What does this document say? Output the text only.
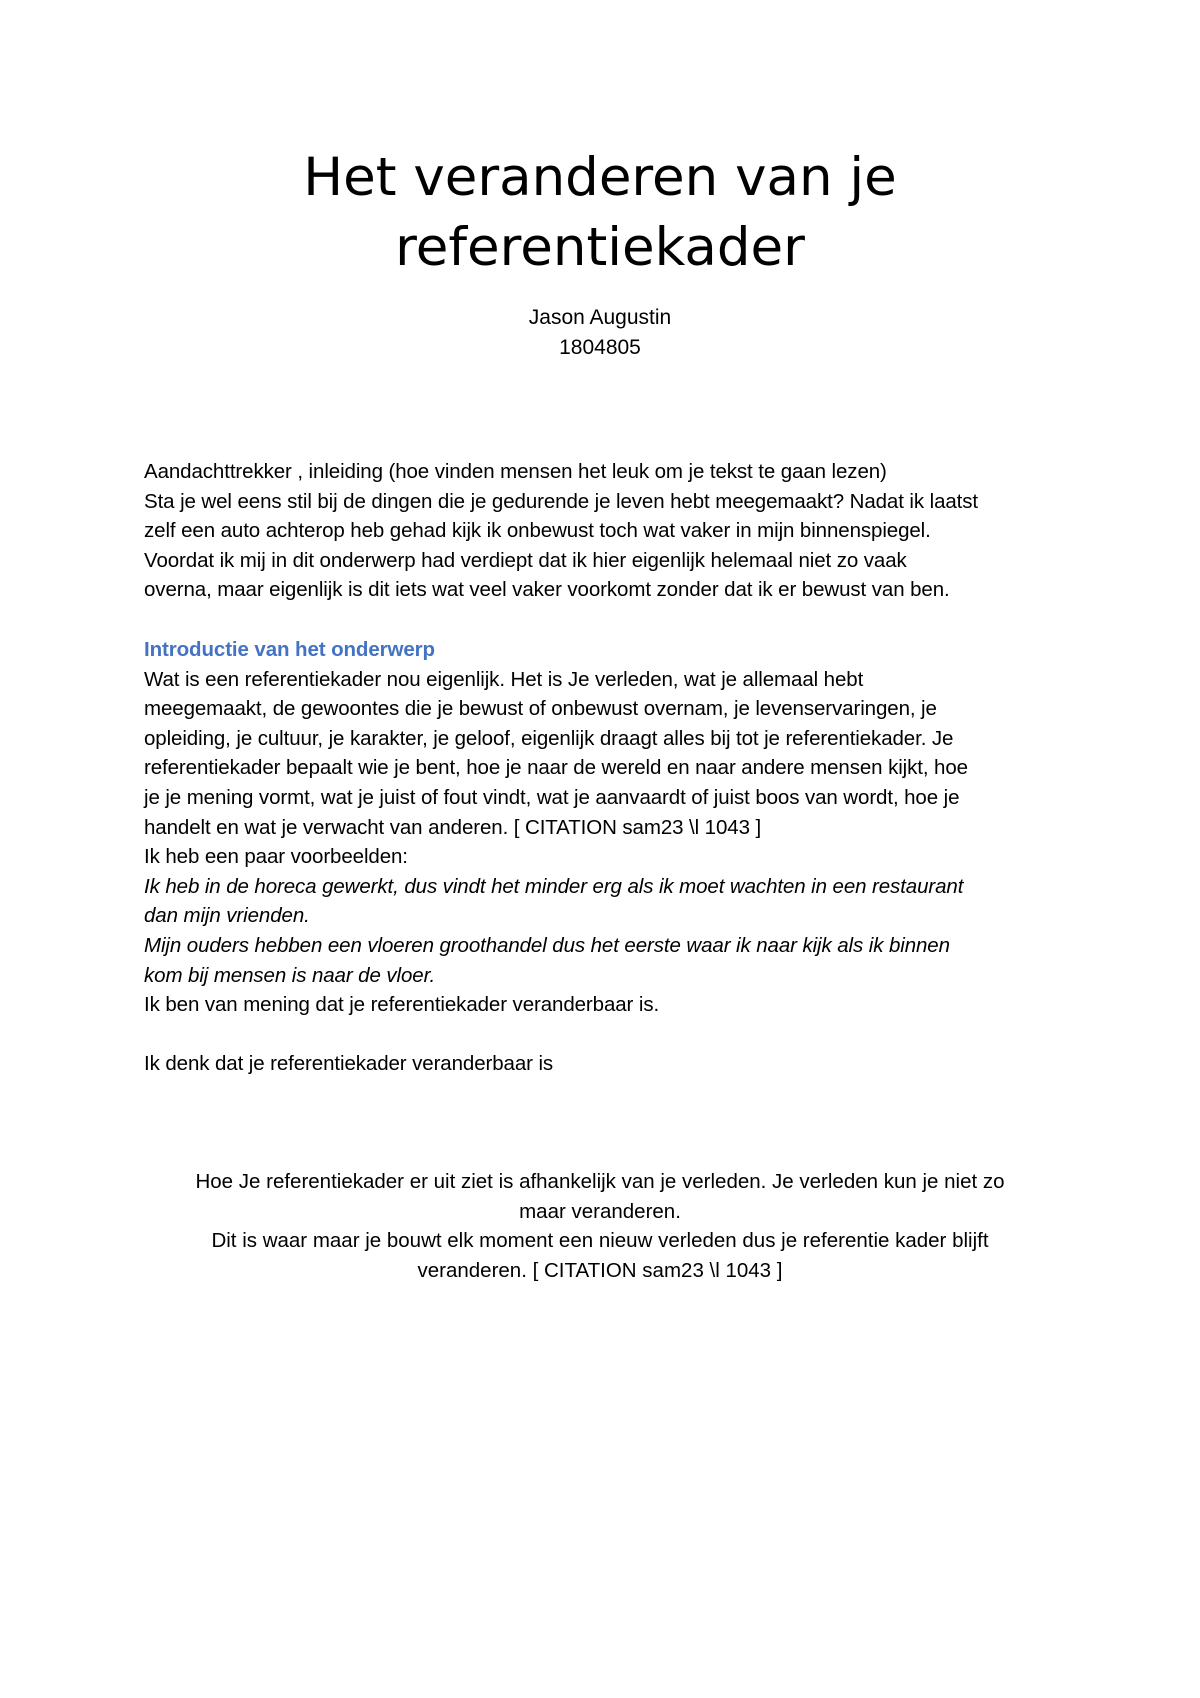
Het veranderen van je
referentiekader
Jason Augustin
1804805
Aandachttrekker , inleiding (hoe vinden mensen het leuk om je tekst te gaan lezen)
Sta je wel eens stil bij de dingen die je gedurende je leven hebt meegemaakt? Nadat ik laatst
zelf een auto achterop heb gehad kijk ik onbewust toch wat vaker in mijn binnenspiegel.
Voordat ik mij in dit onderwerp had verdiept dat ik hier eigenlijk helemaal niet zo vaak
overna, maar eigenlijk is dit iets wat veel vaker voorkomt zonder dat ik er bewust van ben.
Introductie van het onderwerp
Wat is een referentiekader nou eigenlijk. Het is Je verleden, wat je allemaal hebt
meegemaakt, de gewoontes die je bewust of onbewust overnam, je levenservaringen, je
opleiding, je cultuur, je karakter, je geloof, eigenlijk draagt alles bij tot je referentiekader. Je
referentiekader bepaalt wie je bent, hoe je naar de wereld en naar andere mensen kijkt, hoe
je je mening vormt, wat je juist of fout vindt, wat je aanvaardt of juist boos van wordt, hoe je
handelt en wat je verwacht van anderen. [ CITATION sam23 \l 1043 ]
Ik heb een paar voorbeelden:
Ik heb in de horeca gewerkt, dus vindt het minder erg als ik moet wachten in een restaurant
dan mijn vrienden.
Mijn ouders hebben een vloeren groothandel dus het eerste waar ik naar kijk als ik binnen
kom bij mensen is naar de vloer.
Ik ben van mening dat je referentiekader veranderbaar is.

Ik denk dat je referentiekader veranderbaar is
Hoe Je referentiekader er uit ziet is afhankelijk van je verleden. Je verleden kun je niet zo
maar veranderen.
Dit is waar maar je bouwt elk moment een nieuw verleden dus je referentie kader blijft
veranderen. [ CITATION sam23 \l 1043 ]
